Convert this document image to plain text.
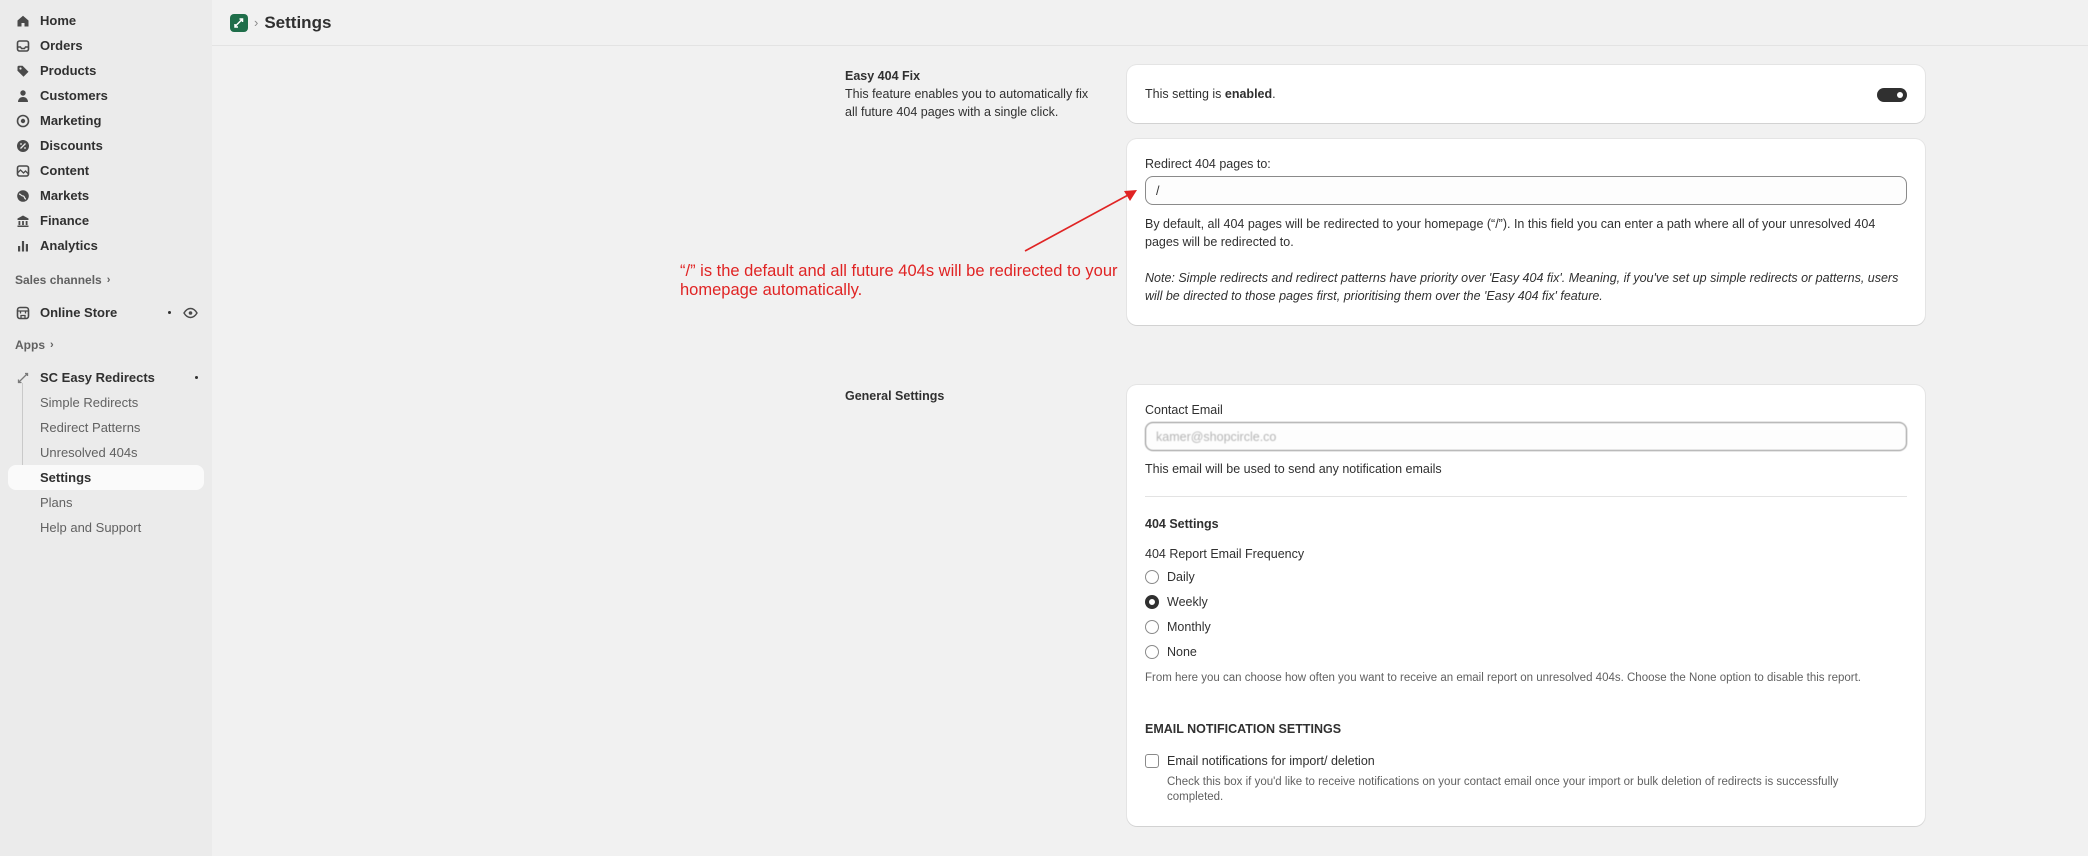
Home
Orders
Products
Customers
Marketing
Discounts
Content
Markets
Finance
Analytics
Sales channels ›
Online Store
Apps ›
SC Easy Redirects
Simple Redirects
Redirect Patterns
Unresolved 404s
Settings
Plans
Help and Support
› Settings
Easy 404 Fix

This feature enables you to automatically fix all future 404 pages with a single click.

This setting is enabled.
Redirect 404 pages to:
/

By default, all 404 pages will be redirected to your homepage (“/”). In this field you can enter a path where all of your unresolved 404 pages will be redirected to.

Note: Simple redirects and redirect patterns have priority over 'Easy 404 fix'. Meaning, if you've set up simple redirects or patterns, users will be directed to those pages first, prioritising them over the 'Easy 404 fix' feature.

“/” is the default and all future 404s will be redirected to your homepage automatically.
General Settings
Contact Email
kamer@shopcircle.co

This email will be used to send any notification emails

404 Settings
404 Report Email Frequency
Daily
Weekly
Monthly
None

From here you can choose how often you want to receive an email report on unresolved 404s. Choose the None option to disable this report.

EMAIL NOTIFICATION SETTINGS
Email notifications for import/ deletion

Check this box if you'd like to receive notifications on your contact email once your import or bulk deletion of redirects is successfully completed.
